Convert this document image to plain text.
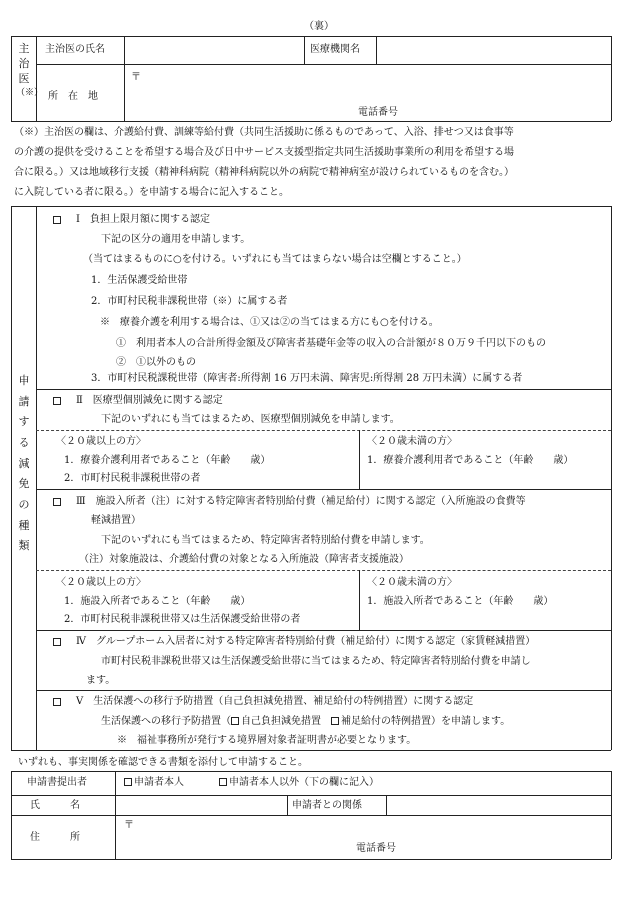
（裏）
主
治
医
（※）
主治医の氏名	医療機関名
所　在　地
〒
電話番号
（※）主治医の欄は、介護給付費、訓練等給付費（共同生活援助に係るものであって、入浴、排せつ又は食事等
の介護の提供を受けることを希望する場合及び日中サービス支援型指定共同生活援助事業所の利用を希望する場
合に限る。）又は地域移行支援（精神科病院（精神科病院以外の病院で精神病室が設けられているものを含む。）
に入院している者に限る。）を申請する場合に記入すること。
申
請
す
る
減
免
の
種
類
Ⅰ　負担上限月額に関する認定
下記の区分の適用を申請します。
（当てはまるものに○を付ける。いずれにも当てはまらない場合は空欄とすること。）
1．生活保護受給世帯
2．市町村民税非課税世帯（※）に属する者
※　療養介護を利用する場合は、①又は②の当てはまる方にも○を付ける。
①　利用者本人の合計所得金額及び障害者基礎年金等の収入の合計額が８０万９千円以下のもの
②　①以外のもの
3．市町村民税課税世帯（障害者:所得割 16 万円未満、障害児:所得割 28 万円未満）に属する者
Ⅱ　医療型個別減免に関する認定
下記のいずれにも当てはまるため、医療型個別減免を申請します。
〈２０歳以上の方〉
1．療養介護利用者であること（年齢　　歳）
2．市町村民税非課税世帯の者
〈２０歳未満の方〉
1．療養介護利用者であること（年齢　　歳）
Ⅲ　施設入所者（注）に対する特定障害者特別給付費（補足給付）に関する認定（入所施設の食費等
軽減措置）
下記のいずれにも当てはまるため、特定障害者特別給付費を申請します。
（注）対象施設は、介護給付費の対象となる入所施設（障害者支援施設）
〈２０歳以上の方〉
1．施設入所者であること（年齢　　歳）
2．市町村民税非課税世帯又は生活保護受給世帯の者
〈２０歳未満の方〉
1．施設入所者であること（年齢　　歳）
Ⅳ　グループホーム入居者に対する特定障害者特別給付費（補足給付）に関する認定（家賃軽減措置）
市町村民税非課税世帯又は生活保護受給世帯に当てはまるため、特定障害者特別給付費を申請し
ます。
Ⅴ　生活保護への移行予防措置（自己負担減免措置、補足給付の特例措置）に関する認定
生活保護への移行予防措置（ 自己負担減免措置　 補足給付の特例措置）を申請します。
※　福祉事務所が発行する境界層対象者証明書が必要となります。
いずれも、事実関係を確認できる書類を添付して申請すること。
申請書提出者	申請者本人	申請者本人以外（下の欄に記入）
氏　　　名	申請者との関係
住　　　所
〒
電話番号
